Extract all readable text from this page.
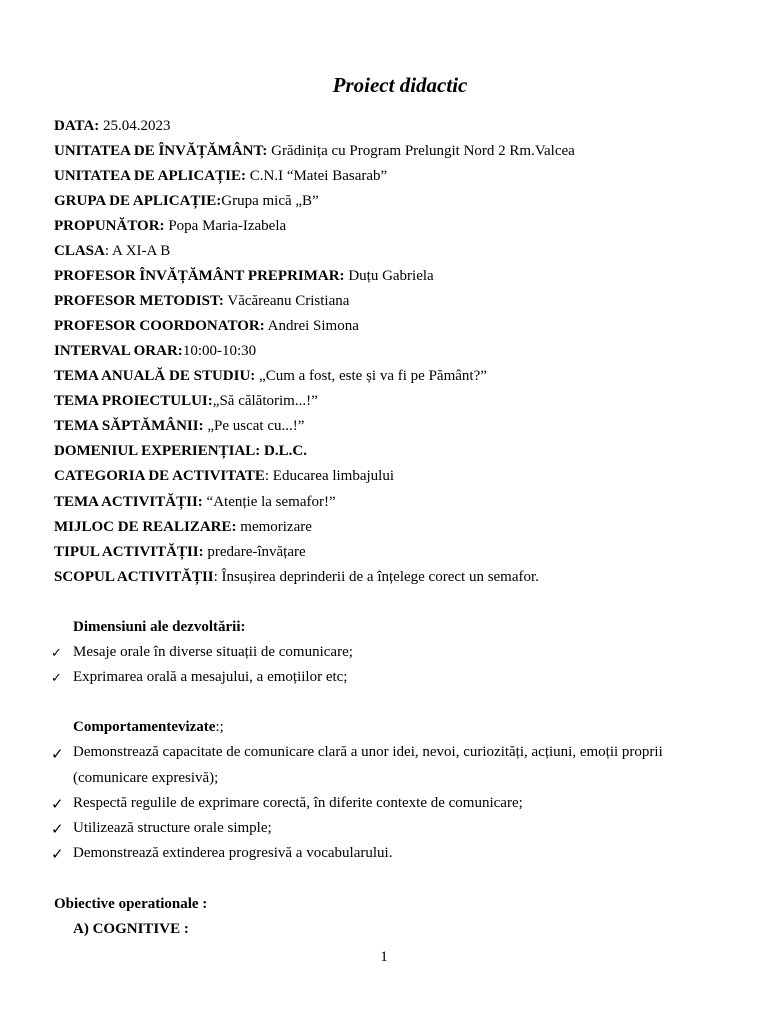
Proiect didactic
DATA: 25.04.2023
UNITATEA DE ÎNVĂȚĂMÂNT: Grădinița cu Program Prelungit Nord 2 Rm.Valcea
UNITATEA DE APLICAȚIE: C.N.I “Matei Basarab”
GRUPA DE APLICAȚIE:Grupa mică „B”
PROPUNĂTOR: Popa Maria-Izabela
CLASA: A XI-A B
PROFESOR ÎNVĂȚĂMÂNT PREPRIMAR: Duțu Gabriela
PROFESOR METODIST: Văcăreanu Cristiana
PROFESOR COORDONATOR: Andrei Simona
INTERVAL ORAR:10:00-10:30
TEMA ANUALĂ DE STUDIU: „Cum a fost, este și va fi pe Pământ?”
TEMA PROIECTULUI:„Să călătorim...!”
TEMA SĂPTĂMÂNII: „Pe uscat cu...!”
DOMENIUL EXPERIENȚIAL: D.L.C.
CATEGORIA DE ACTIVITATE: Educarea limbajului
TEMA ACTIVITĂȚII: “Atenție la semafor!”
MIJLOC DE REALIZARE: memorizare
TIPUL ACTIVITĂȚII: predare-învățare
SCOPUL ACTIVITĂȚII: Însușirea deprinderii de a înțelege corect un semafor.
Dimensiuni ale dezvoltării:
✓ Mesaje orale în diverse situații de comunicare;
✓ Exprimarea orală a mesajului, a emoțiilor etc;
Comportamentevizate:;
✓ Demonstrează capacitate de comunicare clară a unor idei, nevoi, curiozități, acțiuni, emoții proprii
(comunicare expresivă);
✓ Respectă regulile de exprimare corectă, în diferite contexte de comunicare;
✓ Utilizează structure orale simple;
✓ Demonstrează extinderea progresivă a vocabularului.
Obiective operationale :
A) COGNITIVE :
1
